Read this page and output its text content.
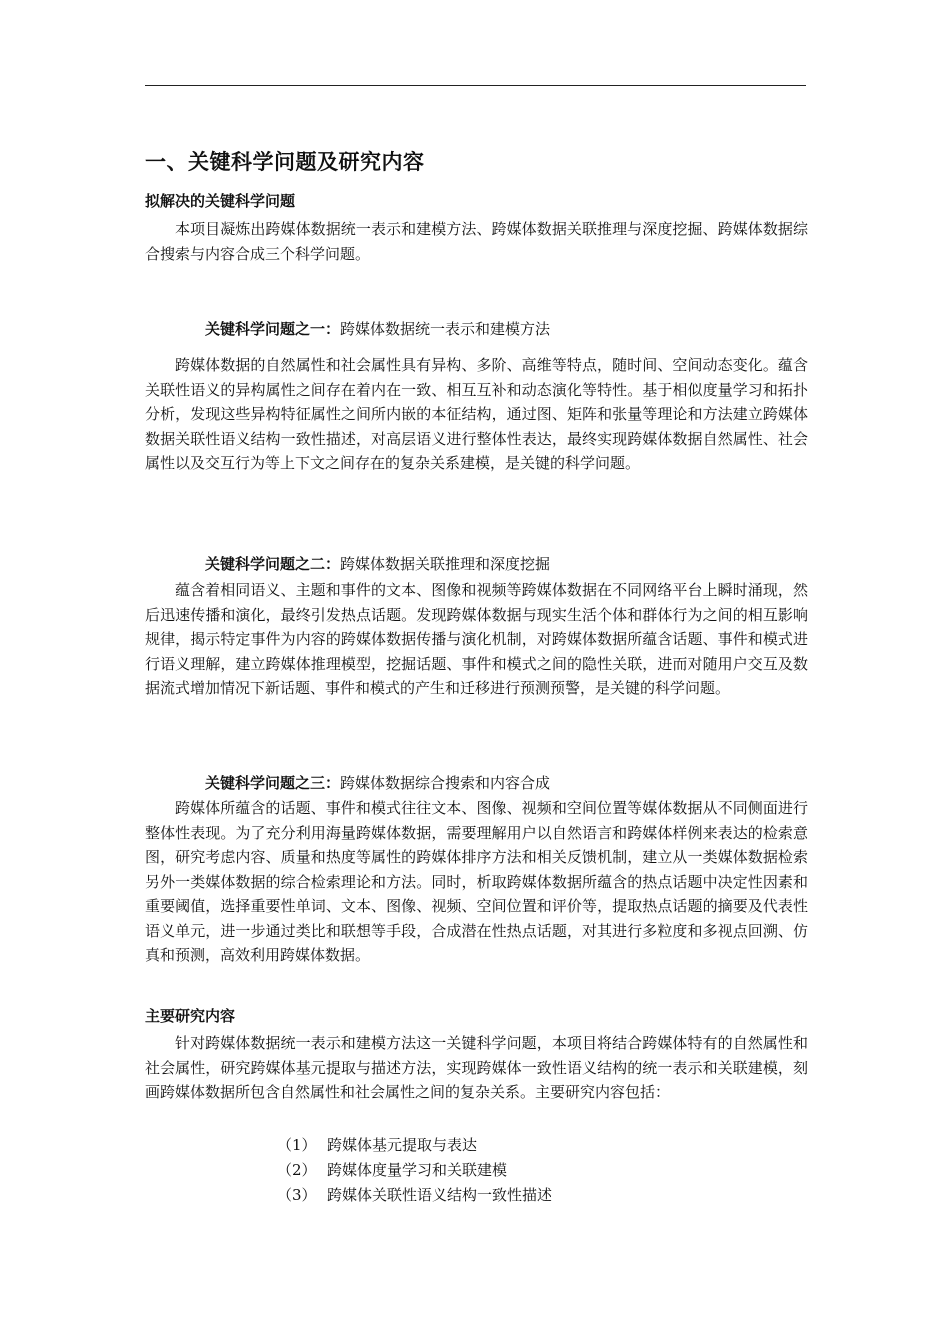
一、关键科学问题及研究内容
拟解决的关键科学问题

本项目凝炼出跨媒体数据统一表示和建模方法、跨媒体数据关联推理与深度挖掘、跨媒体数据综合搜索与内容合成三个科学问题。

关键科学问题之一：跨媒体数据统一表示和建模方法

跨媒体数据的自然属性和社会属性具有异构、多阶、高维等特点，随时间、空间动态变化。蕴含关联性语义的异构属性之间存在着内在一致、相互互补和动态演化等特性。基于相似度量学习和拓扑分析，发现这些异构特征属性之间所内嵌的本征结构，通过图、矩阵和张量等理论和方法建立跨媒体数据关联性语义结构一致性描述，对高层语义进行整体性表达，最终实现跨媒体数据自然属性、社会属性以及交互行为等上下文之间存在的复杂关系建模，是关键的科学问题。

关键科学问题之二：跨媒体数据关联推理和深度挖掘

蕴含着相同语义、主题和事件的文本、图像和视频等跨媒体数据在不同网络平台上瞬时涌现，然后迅速传播和演化，最终引发热点话题。发现跨媒体数据与现实生活个体和群体行为之间的相互影响规律，揭示特定事件为内容的跨媒体数据传播与演化机制，对跨媒体数据所蕴含话题、事件和模式进行语义理解，建立跨媒体推理模型，挖掘话题、事件和模式之间的隐性关联，进而对随用户交互及数据流式增加情况下新话题、事件和模式的产生和迁移进行预测预警，是关键的科学问题。

关键科学问题之三：跨媒体数据综合搜索和内容合成

跨媒体所蕴含的话题、事件和模式往往文本、图像、视频和空间位置等媒体数据从不同侧面进行整体性表现。为了充分利用海量跨媒体数据，需要理解用户以自然语言和跨媒体样例来表达的检索意图，研究考虑内容、质量和热度等属性的跨媒体排序方法和相关反馈机制，建立从一类媒体数据检索另外一类媒体数据的综合检索理论和方法。同时，析取跨媒体数据所蕴含的热点话题中决定性因素和重要阈值，选择重要性单词、文本、图像、视频、空间位置和评价等，提取热点话题的摘要及代表性语义单元，进一步通过类比和联想等手段，合成潜在性热点话题，对其进行多粒度和多视点回溯、仿真和预测，高效利用跨媒体数据。

主要研究内容

针对跨媒体数据统一表示和建模方法这一关键科学问题，本项目将结合跨媒体特有的自然属性和社会属性，研究跨媒体基元提取与描述方法，实现跨媒体一致性语义结构的统一表示和关联建模，刻画跨媒体数据所包含自然属性和社会属性之间的复杂关系。主要研究内容包括：

（1） 跨媒体基元提取与表达
（2） 跨媒体度量学习和关联建模
（3） 跨媒体关联性语义结构一致性描述
